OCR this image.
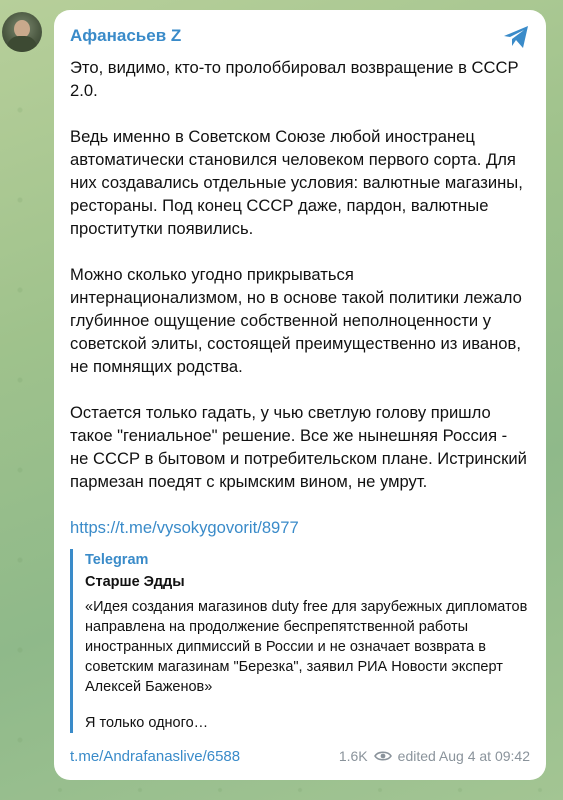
Афанасьев Z

Это, видимо, кто-то пролоббировал возвращение в СССР 2.0.

Ведь именно в Советском Союзе любой иностранец автоматически становился человеком первого сорта. Для них создавались отдельные условия: валютные магазины, рестораны. Под конец СССР даже, пардон, валютные проститутки появились.

Можно сколько угодно прикрываться интернационализмом, но в основе такой политики лежало глубинное ощущение собственной неполноценности у советской элиты, состоящей преимущественно из иванов, не помнящих родства.

Остается только гадать, у чью светлую голову пришло такое "гениальное" решение. Все же нынешняя Россия - не СССР в бытовом и потребительском плане. Истринский пармезан поедят с крымским вином, не умрут.

https://t.me/vysokygovorit/8977
Telegram
Старше Эдды
«Идея создания магазинов duty free для зарубежных дипломатов направлена на продолжение беспрепятственной работы иностранных дипмиссий в России и не означает возврата в советским магазинам "Березка", заявил РИА Новости эксперт Алексей Баженов»
Я только одного…
t.me/Andrafanaslive/6588	1.6K edited Aug 4 at 09:42
